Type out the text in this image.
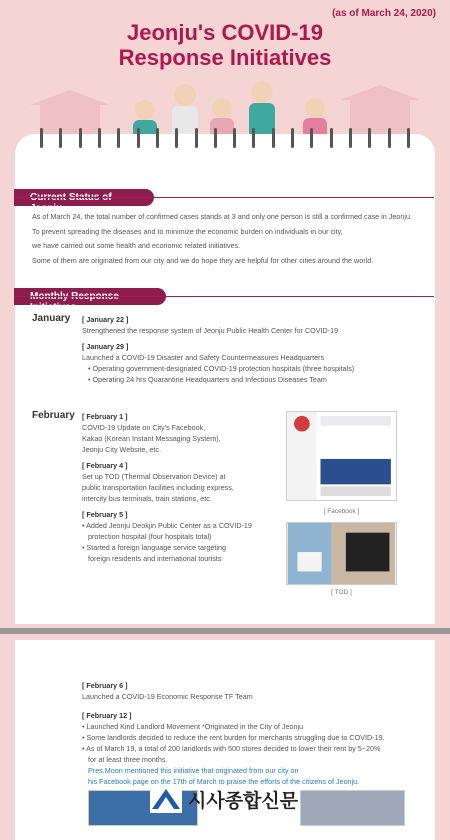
(as of March 24, 2020)
Jeonju's COVID-19
Response Initiatives
Jeonju
As of March 24, the total number of confirmed cases stands at 3 and only one person is still a confirmed case in Jeonju.
To prevent spreading the diseases and to minimize the economic burden on individuals in our city,
we have carried out some health and economic related initiatives.
Some of them are originated from our city and we do hope they are helpful for other cities around the world.
Initiatives
January [ January 22 ]
Strengthened the response system of Jeonju Public Health Center for COVID-19
[ January 29 ]
Launched a COVID-19 Disaster and Safety Countermeasures Headquarters
• Operating government-designated COVID-19 protection hospitals (three hospitals)
• Operating 24 hrs Quarantine Headquarters and Infectious Diseases Team
February [ February 1 ]
COVID-19 Update on City's Facebook,
Kakao (Korean Instant Messaging System),
Jeonju City Website, etc.
[ February 4 ]
Set up TOD (Thermal Observation Device) at
public transportation facilities including express,
intercity bus terminals, train stations, etc.
[ February 5 ]
• Added Jeonju Deokjin Public Center as a COVID-19
protection hospital (four hospitals total)
• Started a foreign language service targeting
foreign residents and international tourists
[ Facebook ]
[ TOD ]
[ February 6 ]
Launched a COVID-19 Economic Response TF Team
[ February 12 ]
• Launched Kind Landlord Movement *Originated in the City of Jeonju
• Some landlords decided to reduce the rent burden for merchants struggling due to COVID-19.
• As of March 19, a total of 200 landlords with 500 stores decided to lower their rent by 5~20%
for at least three months.
Pres.Moon mentioned this initiative that originated from our city on
his Facebook page on the 17th of March to praise the efforts of the citizens of Jeonju.
시사종합신문
